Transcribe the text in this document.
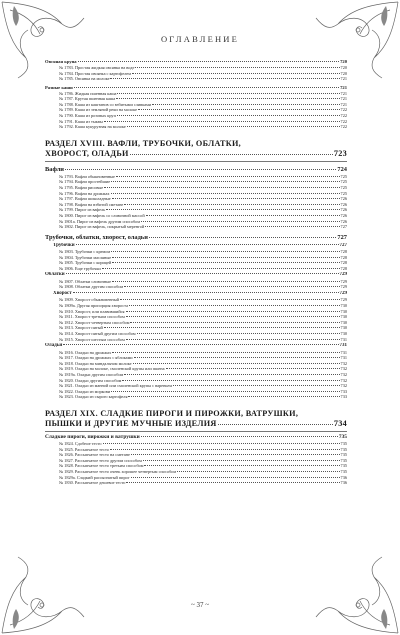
ОГЛАВЛЕНИЕ
Овсяная крупа	720
№ 1783. Простая жидкая овсянка на воде	720
№ 1784. Простая овсянка с картофелем	720
№ 1785. Овсянка на молоке	721
Разные каши	721
№ 1786. Жидкая пшенная каша	721
№ 1787. Крутая пшенная каша	721
№ 1788. Каша из каштанов со взбитыми сливками	721
№ 1789. Каша из земляной реки на молоке	722
№ 1790. Каша из розовых круп	722
№ 1791. Каша из тыквы	722
№ 1792. Каша кукурузная на молоке	722
РАЗДЕЛ XVIII. ВАФЛИ, ТРУБОЧКИ, ОБЛАТКИ,
ХВОРОСТ, ОЛАДЬИ	723
Вафли	724
№ 1793. Вафли обыкновенные	725
№ 1794. Вафли простейшие	725
№ 1795. Вафли рисовые	725
№ 1796. Вафли на дрожжах	725
№ 1797. Вафли шоколадные	726
№ 1798. Вафли на взбитой сметане	726
№ 1799. Пирог из вафель	726
№ 1800. Пирог из вафель со сливочной массой	726
№ 1801а. Пирог из вафель другим способом	726
№ 1802. Пирог из вафель, покрытый меренгой	727
Трубочки, облатки, хворост, оладьи	727
Трубочки	727
№ 1803. Трубочки с кремом	728
№ 1804. Трубочки масляные	728
№ 1805. Трубочки с корицей	728
№ 1806. Еще трубочки	728
Облатки	729
№ 1807. Облатки сливочные	729
№ 1808. Облатки другим способом	729
Хворост	729
№ 1809. Хворост обыкновенный	729
№ 1809а. Другая пропорция хвороста	730
№ 1810. Хворост, или плавившийся	730
№ 1811. Хворост третьим способом	730
№ 1812. Хворост четвертым способом	730
№ 1813. Хворост пятый	730
№ 1814. Хворост пятый другим способом	730
№ 1815. Хворост шестым способом	731
Оладьи	731
№ 1816. Оладьи на дрожжах	731
№ 1817. Оладьи на дрожжах с яблоками	731
№ 1818. Оладьи на миндальном молоке	732
№ 1819. Оладьи на молоке, смоленской крупы или пшена	732
№ 1819а. Оладьи другим способом	732
№ 1820. Оладьи другим способом	732
№ 1821. Оладьи из манной или смоленской крупы с вареньем	732
№ 1822. Оладьи из моркови	733
№ 1823. Оладьи из сырого картофеля	733
РАЗДЕЛ XIX. СЛАДКИЕ ПИРОГИ И ПИРОЖКИ, ВАТРУШКИ,
ПЫШКИ И ДРУГИЕ МУЧНЫЕ ИЗДЕЛИЯ	734
Сладкие пироги, пирожки и ватрушки	735
№ 1824. Сдобное тесто	735
№ 1825. Рассыпчатое тесто	735
№ 1826. Рассыпчатое тесто на сметане	735
№ 1827. Рассыпчатое тесто другим способом	735
№ 1828. Рассыпчатое тесто третьим способом	735
№ 1829. Рассыпчатое тесто очень хорошее четвертым способом	735
№ 1829а. Сладкий рассыпчатый пирог	736
№ 1830. Рассыпчатое дешевое тесто	736
~ 37 ~
